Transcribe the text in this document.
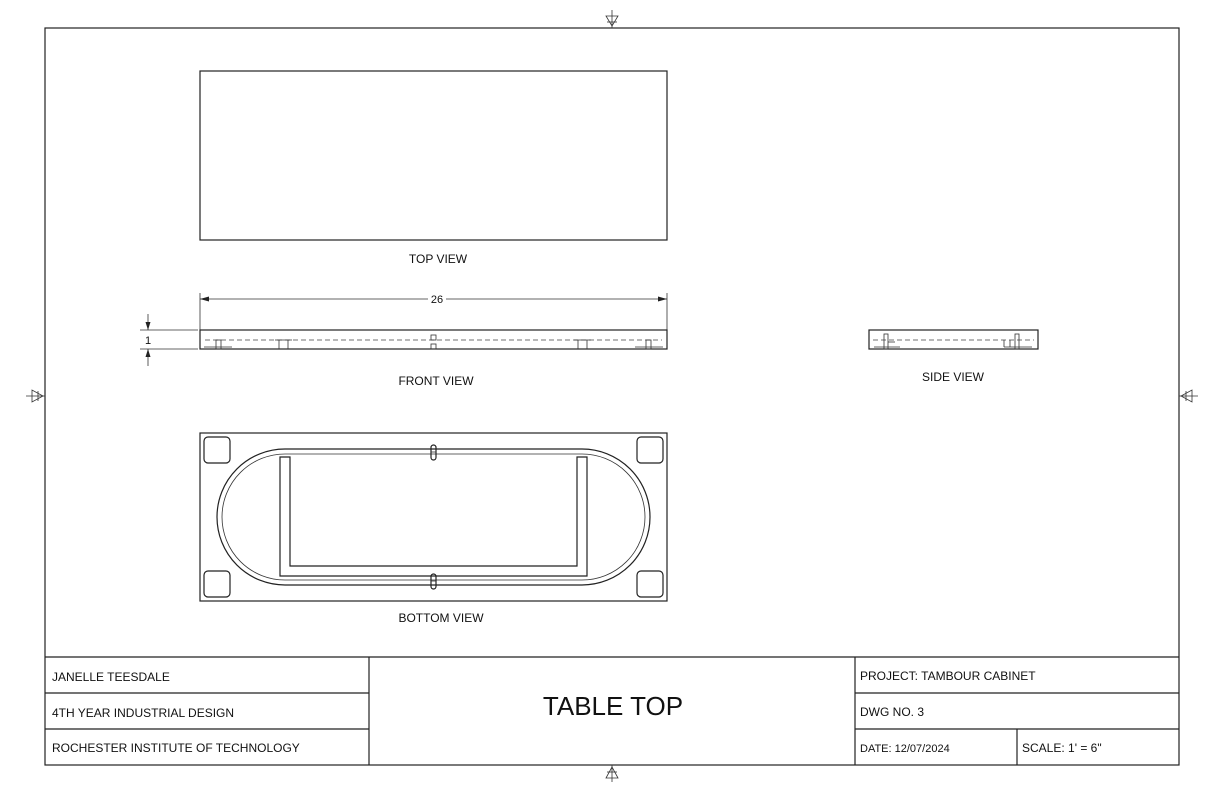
TOP VIEW
26
1
FRONT VIEW	SIDE VIEW
BOTTOM VIEW
JANELLE TEESDALE
4TH YEAR INDUSTRIAL DESIGN
ROCHESTER INSTITUTE OF TECHNOLOGY
TABLE TOP
PROJECT: TAMBOUR CABINET
DWG NO. 3
DATE: 12/07/2024	SCALE: 1' = 6"
